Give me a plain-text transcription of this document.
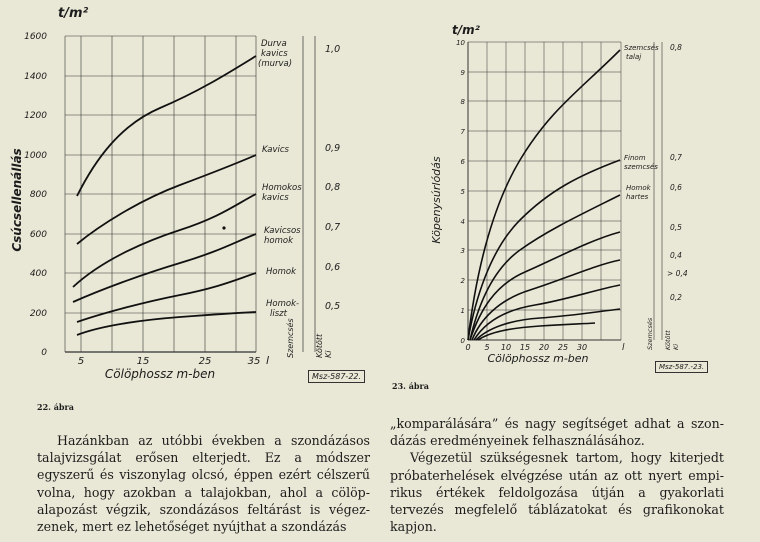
t/m²
1600
1400
1200
1000
800
600
400
200
0
5	15	25	35 l
Cölöphossz m-ben
Csúcsellenállás
Durva
kavics
(murva)
Kavics
Homokos
kavics
Kavicsos
homok
Homok
Homok-
liszt
1,0
0,9
0,8
0,7
0,6
0,5
Szemcsés	Kötött Ki
Msz-587-22.
22. ábra
t/m²
10
9
8
7
6
5
4
3
2
1
0
0 5 10 15 20 25 30	l
Cölöphossz m-ben
Köpenysúrlódás
Szemcsés
talaj
Finom
szemcsés
Homok
hartes
0,8
0,7
0,6
0,5
0,4
> 0,4
0,2
Szemcsés Kötött Ki
Msz-587.-23.
23. ábra

Hazánkban az utóbbi években a szondázásos talajvizsgálat erősen elterjedt. Ez a módszer egyszerű és viszonylag olcsó, éppen ezért célszerű volna, hogy azokban a talajokban, ahol a cölöp-alapozást végzik, szondázásos feltárást is végez-zenek, mert ez lehetőséget nyújthat a szondázás

„komparálására” és nagy segítséget adhat a szon-dázás eredményeinek felhasználásához.

Végezetül szükségesnek tartom, hogy kiterjedt próbaterhelések elvégzése után az ott nyert empi-rikus értékek feldolgozása útján a gyakorlati tervezés megfelelő táblázatokat és grafikonokat kapjon.
